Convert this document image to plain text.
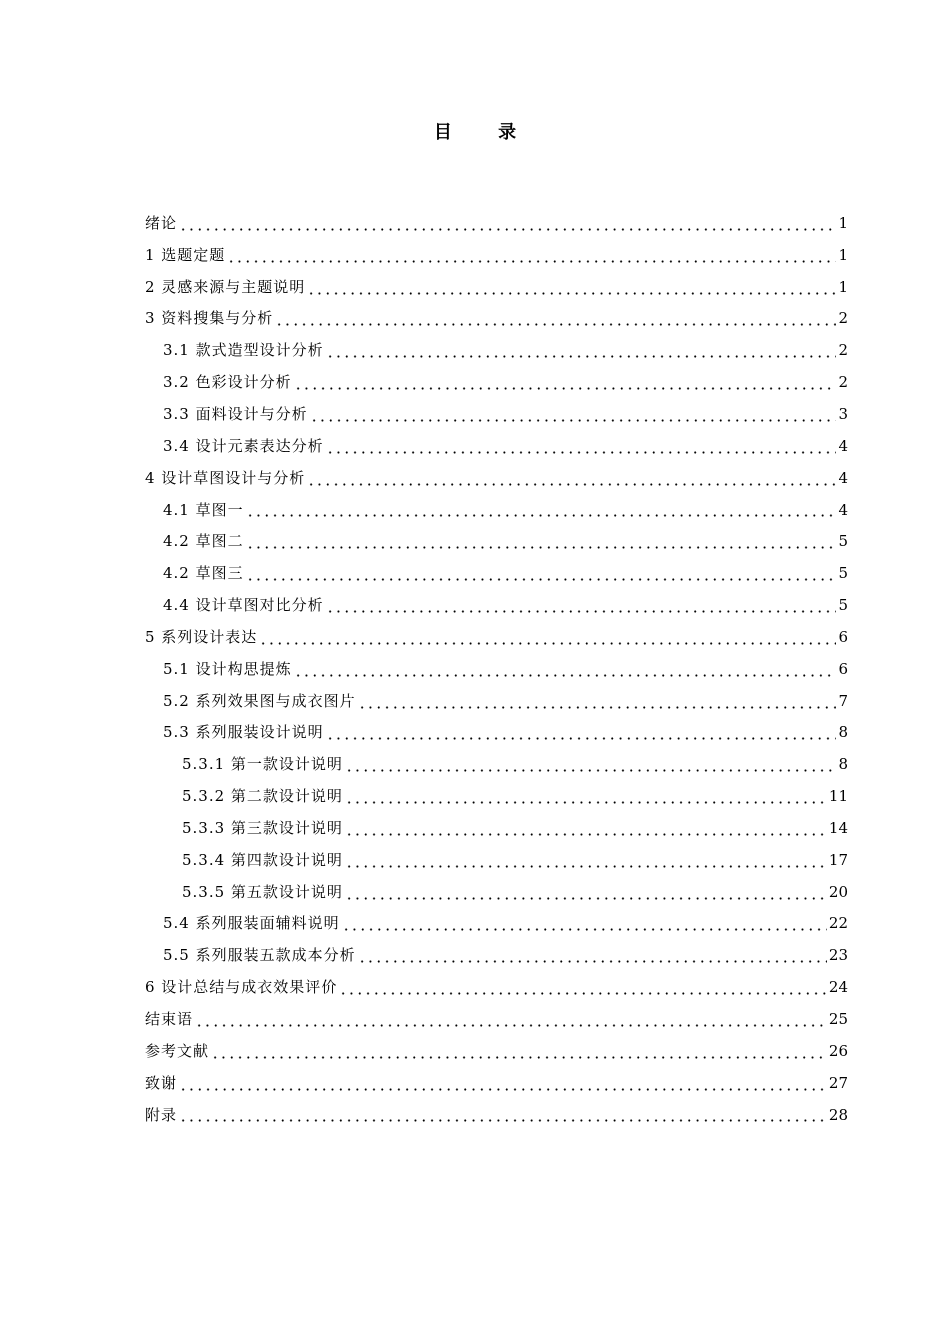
目 录
绪论	1
1 选题定题	1
2 灵感来源与主题说明	1
3 资料搜集与分析	2
3.1 款式造型设计分析	2
3.2 色彩设计分析	2
3.3 面料设计与分析	3
3.4 设计元素表达分析	4
4 设计草图设计与分析	4
4.1 草图一	4
4.2 草图二	5
4.2 草图三	5
4.4 设计草图对比分析	5
5 系列设计表达	6
5.1 设计构思提炼	6
5.2 系列效果图与成衣图片	7
5.3 系列服装设计说明	8
5.3.1 第一款设计说明	8
5.3.2 第二款设计说明	11
5.3.3 第三款设计说明	14
5.3.4 第四款设计说明	17
5.3.5 第五款设计说明	20
5.4 系列服装面辅料说明	22
5.5 系列服装五款成本分析	23
6 设计总结与成衣效果评价	24
结束语	25
参考文献	26
致谢	27
附录	28
